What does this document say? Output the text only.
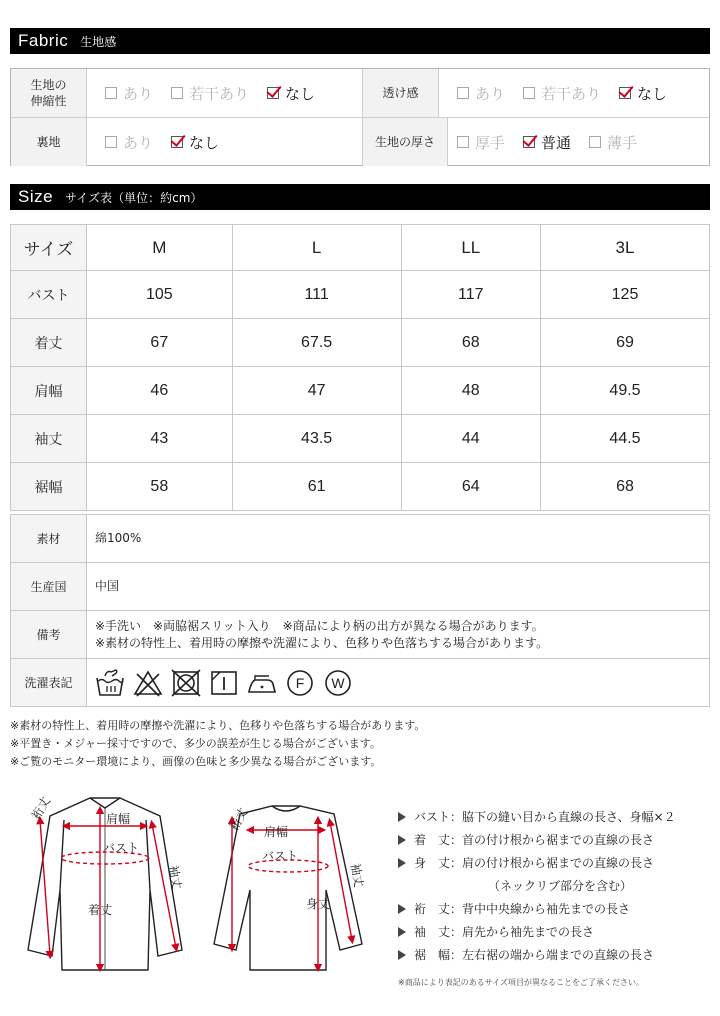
Fabric 生地感
生地の
伸縮性	あり 若干あり なし	透け感	あり 若干あり なし
裏地	あり なし	生地の厚さ	厚手 普通 薄手
Size サイズ表（単位：約cm）
サイズ	M	L	LL	3L
バスト	105	111	117	125
着丈	67	67.5	68	69
肩幅	46	47	48	49.5
袖丈	43	43.5	44	44.5
裾幅	58	61	64	68
素材	綿100%
生産国	中国
備考	※手洗い　※両脇裾スリット入り　※商品により柄の出方が異なる場合があります。
※素材の特性上、着用時の摩擦や洗濯により、色移りや色落ちする場合があります。

洗濯表記	F W
※素材の特性上、着用時の摩擦や洗濯により、色移りや色落ちする場合があります。
※平置き・メジャー採寸ですので、多少の誤差が生じる場合がございます。
※ご覧のモニター環境により、画像の色味と多少異なる場合がございます。
裄丈	肩幅
バスト
袖丈
着丈
裄丈 肩幅
バスト
身丈
袖丈
バスト：脇下の縫い目から直線の長さ、身幅×２
着　丈：首の付け根から裾までの直線の長さ
身　丈：肩の付け根から裾までの直線の長さ
（ネックリブ部分を含む）
裄　丈：背中中央線から袖先までの長さ
袖　丈：肩先から袖先までの長さ
裾　幅：左右裾の端から端までの直線の長さ
※商品により表記のあるサイズ項目が異なることをご了承ください。
